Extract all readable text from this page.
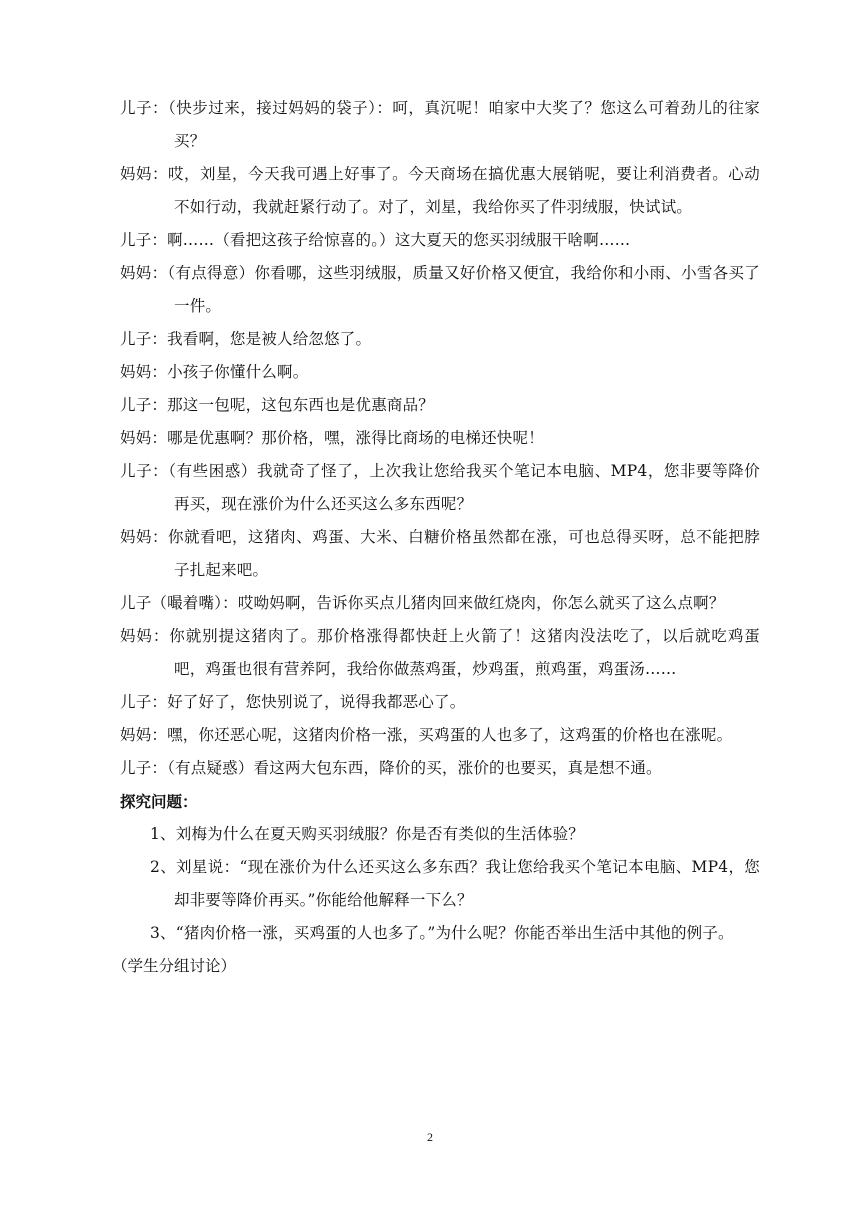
儿子：（快步过来，接过妈妈的袋子）：呵，真沉呢！咱家中大奖了？您这么可着劲儿的往家买？
妈妈：哎，刘星，今天我可遇上好事了。今天商场在搞优惠大展销呢，要让利消费者。心动不如行动，我就赶紧行动了。对了，刘星，我给你买了件羽绒服，快试试。
儿子：啊……（看把这孩子给惊喜的。）这大夏天的您买羽绒服干啥啊……
妈妈：（有点得意）你看哪，这些羽绒服，质量又好价格又便宜，我给你和小雨、小雪各买了一件。
儿子：我看啊，您是被人给忽悠了。
妈妈：小孩子你懂什么啊。
儿子：那这一包呢，这包东西也是优惠商品？
妈妈：哪是优惠啊？那价格，嘿，涨得比商场的电梯还快呢！
儿子：（有些困惑）我就奇了怪了，上次我让您给我买个笔记本电脑、MP4，您非要等降价再买，现在涨价为什么还买这么多东西呢？
妈妈：你就看吧，这猪肉、鸡蛋、大米、白糖价格虽然都在涨，可也总得买呀，总不能把脖子扎起来吧。
儿子（嘬着嘴）：哎呦妈啊，告诉你买点儿猪肉回来做红烧肉，你怎么就买了这么点啊？
妈妈：你就别提这猪肉了。那价格涨得都快赶上火箭了！这猪肉没法吃了，以后就吃鸡蛋吧，鸡蛋也很有营养阿，我给你做蒸鸡蛋，炒鸡蛋，煎鸡蛋，鸡蛋汤……
儿子：好了好了，您快别说了，说得我都恶心了。
妈妈：嘿，你还恶心呢，这猪肉价格一涨，买鸡蛋的人也多了，这鸡蛋的价格也在涨呢。
儿子：（有点疑惑）看这两大包东西，降价的买，涨价的也要买，真是想不通。
探究问题：
1、刘梅为什么在夏天购买羽绒服？你是否有类似的生活体验？
2、刘星说：“现在涨价为什么还买这么多东西？我让您给我买个笔记本电脑、MP4，您却非要等降价再买。”你能给他解释一下么？
3、“猪肉价格一涨，买鸡蛋的人也多了。”为什么呢？你能否举出生活中其他的例子。
（学生分组讨论）
2
